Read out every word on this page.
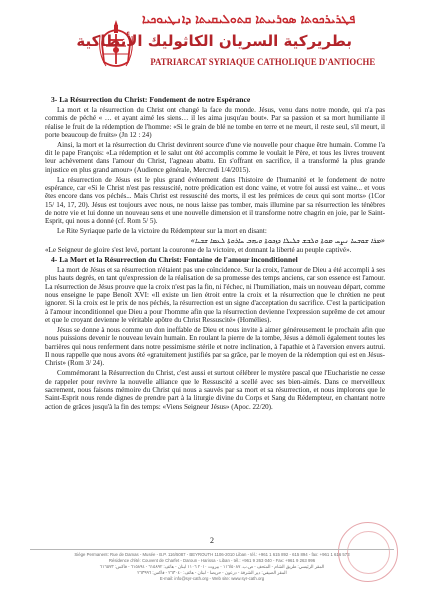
ܦܛܪܝܪܟܘܬܐ ܣܘܪܝܝܬܐ ܩܬܘܠܝܩܝܬܐ ܕܐܢܛܝܘܟܝܐ
بطريركية السريان الكاثوليك الأنطاكية
PATRIARCAT SYRIAQUE CATHOLIQUE D'ANTIOCHE
3- La Résurrection du Christ: Fondement de notre Espérance

La mort et la résurrection du Christ ont changé la face du monde. Jésus, venu dans notre monde, qui n'a pas commis de péché « … et ayant aimé les siens… il les aima jusqu'au bout». Par sa passion et sa mort humiliante il réalise le fruit de la rédemption de l'homme: «Si le grain de blé ne tombe en terre et ne meurt, il reste seul, s'il meurt, il porte beaucoup de fruits» (Jn 12 : 24)

Ainsi, la mort et la résurrection du Christ devinrent source d'une vie nouvelle pour chaque être humain. Comme l'a dit le pape François: «La rédemption et le salut ont été accomplis comme le voulait le Père, et tous les livres trouvent leur achèvement dans l'amour du Christ, l'agneau abattu. En s'offrant en sacrifice, il a transformé la plus grande injustice en plus grand amour» (Audience générale, Mercredi 1/4/2015).

La résurrection de Jésus est le plus grand événement dans l'histoire de l'humanité et le fondement de notre espérance, car «Si le Christ n'est pas ressuscité, notre prédication est donc vaine, et votre foi aussi est vaine... et vous êtes encore dans vos péchés... Mais Christ est ressuscité des morts, il est les prémices de ceux qui sont morts» (1Cor 15/ 14, 17, 20). Jésus est toujours avec nous, ne nous laisse pas tomber, mais illumine par sa résurrection les ténèbres de notre vie et lui donne un nouveau sens et une nouvelle dimension et il transforme notre chagrin en joie, par le Saint-Esprit, qui nous a donné (cf. Rom 5/ 5).

Le Rite Syriaque parle de la victoire du Rédempteur sur la mort en disant:

«ܡܪܐ ܫܘܒܚܐ ܢܨܚ ܡܘܬܐ ܘܠܒܫ ܟܠܝܠܐ ܕܙܟܘܬܐ ܘܝܗܒ ܚܐܪܘܬܐ ܠܥܡܐ ܫܒܝܐ»

«Le Seigneur de gloire s'est levé, portant la couronne de la victoire, et donnant la liberté au peuple captivé».

4- La Mort et la Résurrection du Christ: Fontaine de l'amour inconditionnel

La mort de Jésus et sa résurrection n'étaient pas une coïncidence. Sur la croix, l'amour de Dieu a été accompli à ses plus hauts degrés, en tant qu'expression de la réalisation de sa promesse des temps anciens, car son essence est l'amour. La résurrection de Jésus prouve que la croix n'est pas la fin, ni l'échec, ni l'humiliation, mais un nouveau départ, comme nous enseigne le pape Benoît XVI: «Il existe un lien étroit entre la croix et la résurrection que le chrétien ne peut ignorer. Si la croix est le prix de nos péchés, la résurrection est un signe d'acceptation du sacrifice. C'est la participation à l'amour inconditionnel que Dieu a pour l'homme afin que la résurrection devienne l'expression suprême de cet amour et que le croyant devienne le véritable apôtre du Christ Ressuscité» (Homélies).

Jésus se donne à nous comme un don ineffable de Dieu et nous invite à aimer généreusement le prochain afin que nous puissions devenir le nouveau levain humain. En roulant la pierre de la tombe, Jésus a démoli également toutes les barrières qui nous renferment dans notre pessimisme stérile et notre inclination, à l'apathie et à l'aversion envers autrui. Il nous rappelle que nous avons été «gratuitement justifiés par sa grâce, par le moyen de la rédemption qui est en Jésus-Christ» (Rom 3/ 24).

Commémorant la Résurrection du Christ, c'est aussi et surtout célébrer le mystère pascal que l'Eucharistie ne cesse de rappeler pour revivre la nouvelle alliance que le Ressuscité a scellé avec ses bien-aimés. Dans ce merveilleux sacrement, nous faisons mémoire du Christ qui nous a sauvés par sa mort et sa résurrection, et nous implorons que le Saint-Esprit nous rende dignes de prendre part à la liturgie divine du Corps et Sang du Rédempteur, en chantant notre action de grâces jusqu'à la fin des temps: «Viens Seigneur Jésus» (Apoc. 22/20).

2
Siège Permanent: Rue de Damas - Musée - B.P. 116/5087 - BEYROUTH 1106-2010 Liban - tél.: +961 1 615 892 - 615 894 - fax: +961 1 616 573
Résidence d'été: Couvent de Charfet - Daroun - Harissa - Liban - tél.: +961 9 263 040 - Fax: +961 9 263 996
المقر الرئيسي: طريق الشام - المتحف - ص.ب. ١١٦/٥٠٨٧ - بيروت ٢٠١٠ ١١٠٦ لبنان - هاتف: ٦١٥٨٩٢ - ٦١٥٨٩٤ - فاكس: ٦١٦٥٧٣
المقر الصيفي: دير الشرفة - درعون - حريصا - لبنان - هاتف: ٢٦٣٠٤٠ - فاكس: ٢٦٣٩٩٦
E-mail: info@syr-cath.org - Web site: www.syr-cath.org
